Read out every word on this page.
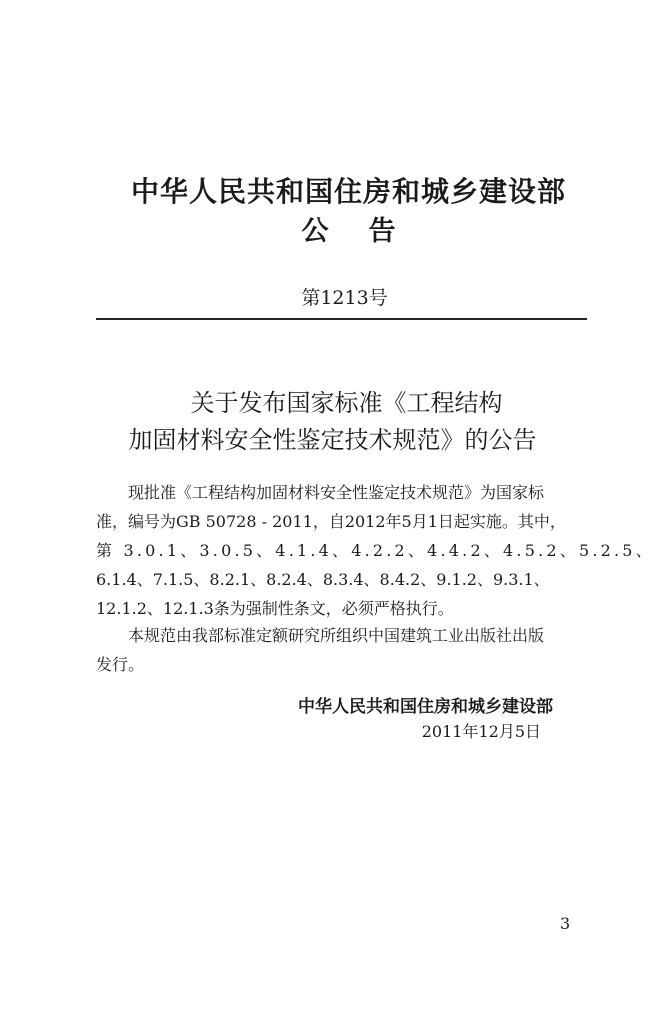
中华人民共和国住房和城乡建设部
公告
第1213号
关于发布国家标准《工程结构
加固材料安全性鉴定技术规范》的公告
现批准《工程结构加固材料安全性鉴定技术规范》为国家标
准，编号为GB 50728 - 2011，自2012年5月1日起实施。其中，
第 3.0.1、3.0.5、4.1.4、4.2.2、4.4.2、4.5.2、5.2.5、
6.1.4、7.1.5、8.2.1、8.2.4、8.3.4、8.4.2、9.1.2、9.3.1、
12.1.2、12.1.3条为强制性条文，必须严格执行。
本规范由我部标准定额研究所组织中国建筑工业出版社出版
发行。
中华人民共和国住房和城乡建设部
2011年12月5日
3
